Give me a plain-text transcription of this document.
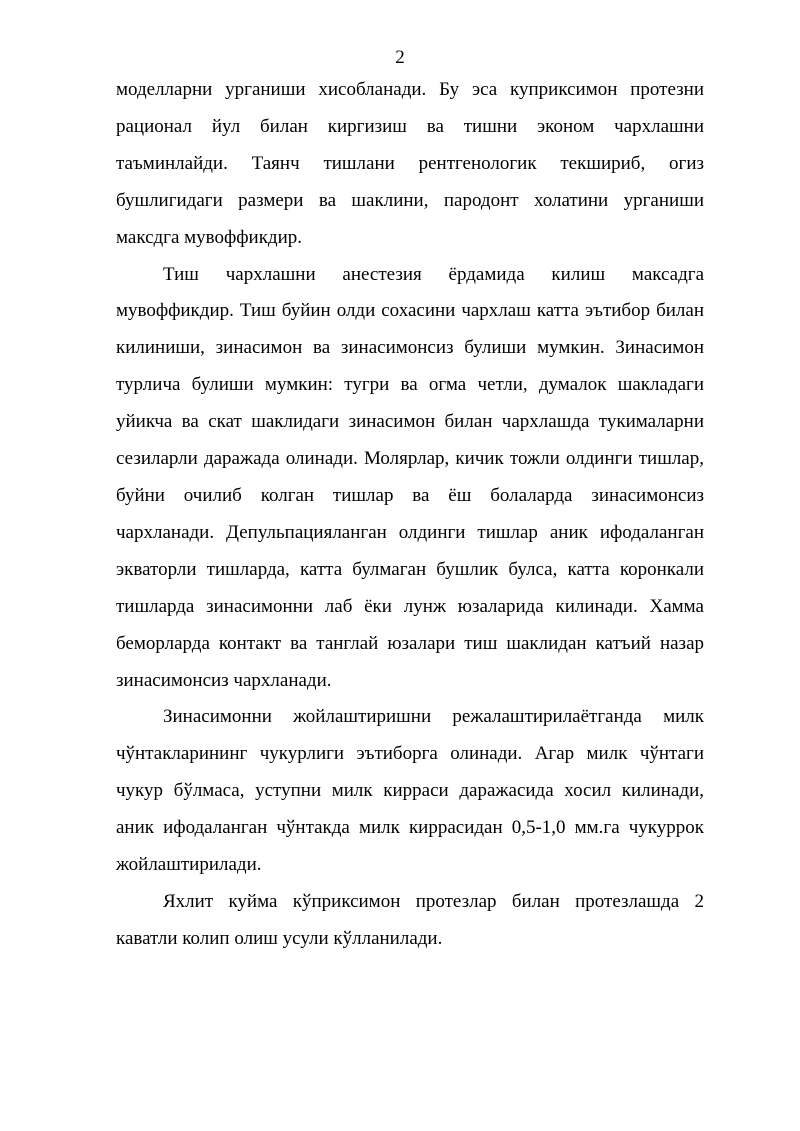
2

моделларни урганиши хисобланади. Бу эса куприксимон протезни рационал йул билан киргизиш ва тишни эконом чархлашни таъминлайди. Таянч тишлани рентгенологик текшириб, огиз бушлигидаги размери ва шаклини, пародонт холатини урганиши максдга мувоффикдир.

Тиш чархлашни анестезия ёрдамида килиш максадга мувоффикдир. Тиш буйин олди сохасини чархлаш катта эътибор билан килиниши, зинасимон ва зинасимонсиз булиши мумкин. Зинасимон турлича булиши мумкин: тугри ва огма четли, думалок шакладаги уйикча ва скат шаклидаги зинасимон билан чархлашда тукималарни сезиларли даражада олинади. Молярлар, кичик тожли олдинги тишлар, буйни очилиб колган тишлар ва ёш болаларда зинасимонсиз чархланади. Депульпацияланган олдинги тишлар аник ифодаланган экваторли тишларда, катта булмаган бушлик булса, катта коронкали тишларда зинасимонни лаб ёки лунж юзаларида килинади. Хамма беморларда контакт ва танглай юзалари тиш шаклидан катъий назар зинасимонсиз чархланади.

Зинасимонни жойлаштиришни режалаштирилаётганда милк чўнтакларининг чукурлиги эътиборга олинади. Агар милк чўнтаги чукур бўлмаса, уступни милк кирраси даражасида хосил килинади, аник ифодаланган чўнтакда милк киррасидан 0,5-1,0 мм.га чукуррок жойлаштирилади.

Яхлит куйма кўприксимон протезлар билан протезлашда 2 каватли колип олиш усули кўлланилади.
